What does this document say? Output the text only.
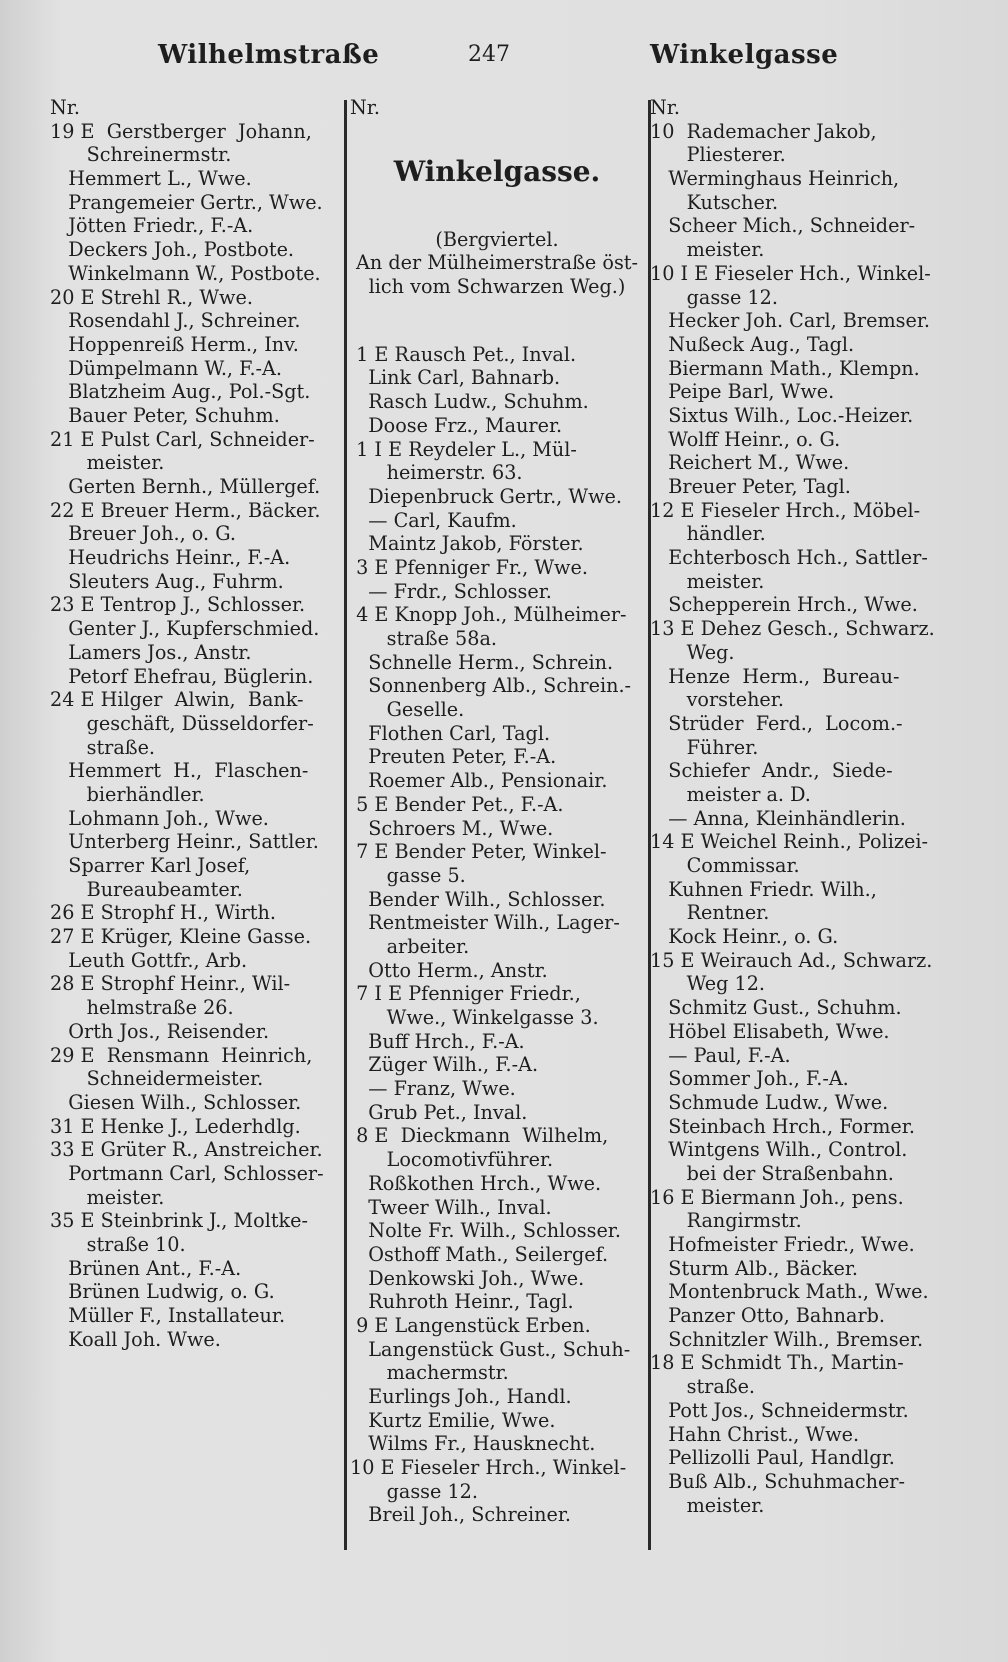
Wilhelmstraße	247	Winkelgasse
Nr.
19 E  Gerstberger  Johann,
Schreinermstr.
Hemmert L., Wwe.
Prangemeier Gertr., Wwe.
Jötten Friedr., F.-A.
Deckers Joh., Postbote.
Winkelmann W., Postbote.
20 E Strehl R., Wwe.
Rosendahl J., Schreiner.
Hoppenreiß Herm., Inv.
Dümpelmann W., F.-A.
Blatzheim Aug., Pol.-Sgt.
Bauer Peter, Schuhm.
21 E Pulst Carl, Schneider-
meister.
Gerten Bernh., Müllergef.
22 E Breuer Herm., Bäcker.
Breuer Joh., o. G.
Heudrichs Heinr., F.-A.
Sleuters Aug., Fuhrm.
23 E Tentrop J., Schlosser.
Genter J., Kupferschmied.
Lamers Jos., Anstr.
Petorf Ehefrau, Büglerin.
24 E Hilger  Alwin,  Bank-
geschäft, Düsseldorfer-
straße.
Hemmert  H.,  Flaschen-
bierhändler.
Lohmann Joh., Wwe.
Unterberg Heinr., Sattler.
Sparrer Karl Josef,
Bureaubeamter.
26 E Strophf H., Wirth.
27 E Krüger, Kleine Gasse.
Leuth Gottfr., Arb.
28 E Strophf Heinr., Wil-
helmstraße 26.
Orth Jos., Reisender.
29 E  Rensmann  Heinrich,
Schneidermeister.
Giesen Wilh., Schlosser.
31 E Henke J., Lederhdlg.
33 E Grüter R., Anstreicher.
Portmann Carl, Schlosser-
meister.
35 E Steinbrink J., Moltke-
straße 10.
Brünen Ant., F.-A.
Brünen Ludwig, o. G.
Müller F., Installateur.
Koall Joh. Wwe.
Nr.
Winkelgasse.
(Bergviertel.
An der Mülheimerstraße öst-
lich vom Schwarzen Weg.)
1 E Rausch Pet., Inval.
Link Carl, Bahnarb.
Rasch Ludw., Schuhm.
Doose Frz., Maurer.
1 I E Reydeler L., Mül-
heimerstr. 63.
Diepenbruck Gertr., Wwe.
— Carl, Kaufm.
Maintz Jakob, Förster.
3 E Pfenniger Fr., Wwe.
— Frdr., Schlosser.
4 E Knopp Joh., Mülheimer-
straße 58a.
Schnelle Herm., Schrein.
Sonnenberg Alb., Schrein.-
Geselle.
Flothen Carl, Tagl.
Preuten Peter, F.-A.
Roemer Alb., Pensionair.
5 E Bender Pet., F.-A.
Schroers M., Wwe.
7 E Bender Peter, Winkel-
gasse 5.
Bender Wilh., Schlosser.
Rentmeister Wilh., Lager-
arbeiter.
Otto Herm., Anstr.
7 I E Pfenniger Friedr.,
Wwe., Winkelgasse 3.
Buff Hrch., F.-A.
Züger Wilh., F.-A.
— Franz, Wwe.
Grub Pet., Inval.
8 E  Dieckmann  Wilhelm,
Locomotivführer.
Roßkothen Hrch., Wwe.
Tweer Wilh., Inval.
Nolte Fr. Wilh., Schlosser.
Osthoff Math., Seilergef.
Denkowski Joh., Wwe.
Ruhroth Heinr., Tagl.
9 E Langenstück Erben.
Langenstück Gust., Schuh-
machermstr.
Eurlings Joh., Handl.
Kurtz Emilie, Wwe.
Wilms Fr., Hausknecht.
10 E Fieseler Hrch., Winkel-
gasse 12.
Breil Joh., Schreiner.
Nr.
10  Rademacher Jakob,
Pliesterer.
Werminghaus Heinrich,
Kutscher.
Scheer Mich., Schneider-
meister.
10 I E Fieseler Hch., Winkel-
gasse 12.
Hecker Joh. Carl, Bremser.
Nußeck Aug., Tagl.
Biermann Math., Klempn.
Peipe Barl, Wwe.
Sixtus Wilh., Loc.-Heizer.
Wolff Heinr., o. G.
Reichert M., Wwe.
Breuer Peter, Tagl.
12 E Fieseler Hrch., Möbel-
händler.
Echterbosch Hch., Sattler-
meister.
Schepperein Hrch., Wwe.
13 E Dehez Gesch., Schwarz.
Weg.
Henze  Herm.,  Bureau-
vorsteher.
Strüder  Ferd.,  Locom.-
Führer.
Schiefer  Andr.,  Siede-
meister a. D.
— Anna, Kleinhändlerin.
14 E Weichel Reinh., Polizei-
Commissar.
Kuhnen Friedr. Wilh.,
Rentner.
Kock Heinr., o. G.
15 E Weirauch Ad., Schwarz.
Weg 12.
Schmitz Gust., Schuhm.
Höbel Elisabeth, Wwe.
— Paul, F.-A.
Sommer Joh., F.-A.
Schmude Ludw., Wwe.
Steinbach Hrch., Former.
Wintgens Wilh., Control.
bei der Straßenbahn.
16 E Biermann Joh., pens.
Rangirmstr.
Hofmeister Friedr., Wwe.
Sturm Alb., Bäcker.
Montenbruck Math., Wwe.
Panzer Otto, Bahnarb.
Schnitzler Wilh., Bremser.
18 E Schmidt Th., Martin-
straße.
Pott Jos., Schneidermstr.
Hahn Christ., Wwe.
Pellizolli Paul, Handlgr.
Buß Alb., Schuhmacher-
meister.
